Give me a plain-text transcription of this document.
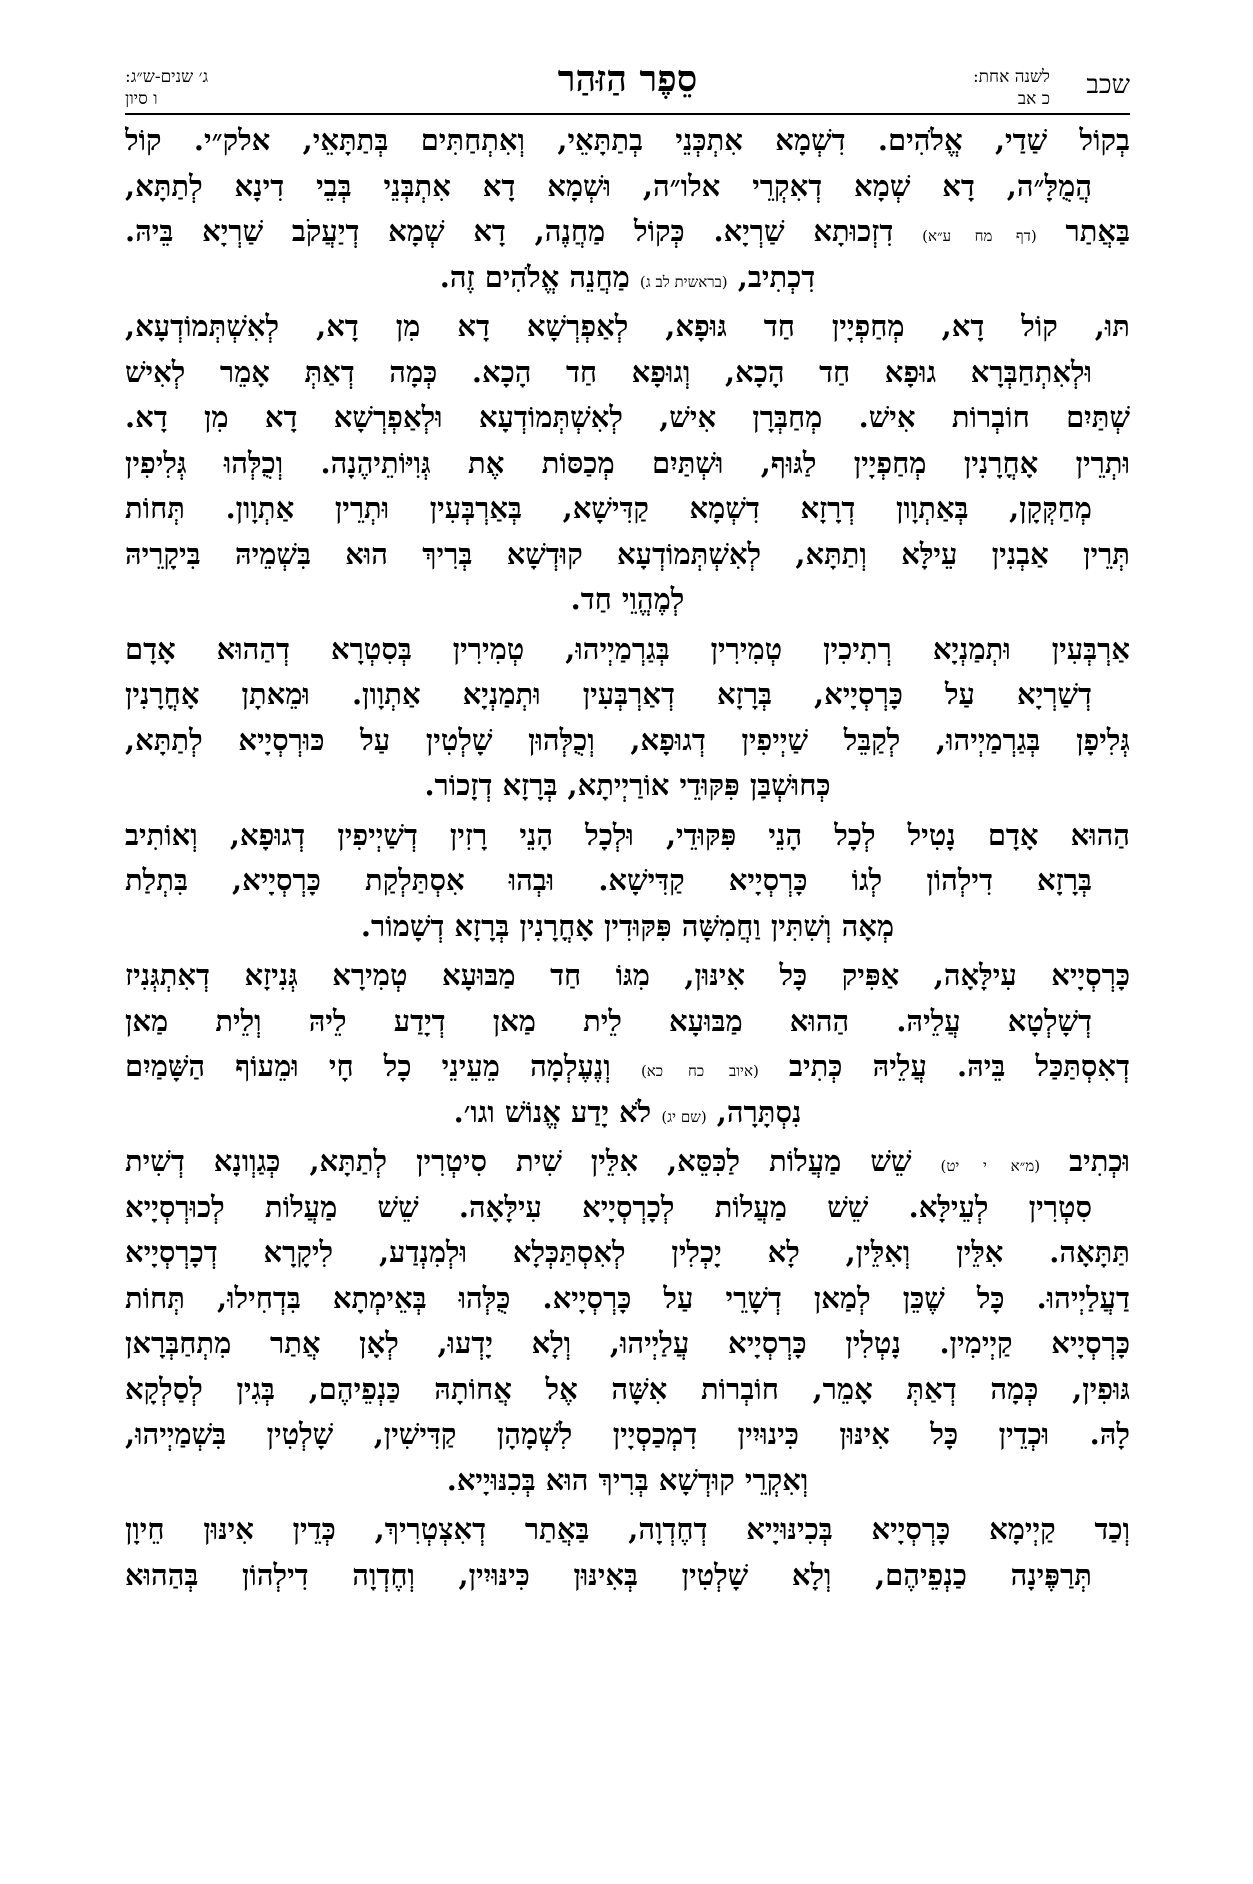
שכב
לשנה אחת:
כ אב
סֵפֶר הַזּהַר
ג׳ שנים-ש״ג:
ו סיון
בְקוֹל שַׁדַי, אֱלֹהִים. דִשְׁמָא אִתְכְּנֵי בְתַתָּאֵי, וְאִתְחַתִּים בְּתַתָּאֵי, אלק״י. קוֹל
הֲמֻלָּ״ה, דָא שְׁמָא דְאִקְרֵי אלו״ה, וּשְׁמָא דָא אִתְבְּנֵי בְּבֵי דִינָא לְתַתָּא,
בַּאֲתַר (דף מח ע״א) דִזְכוּתָא שַׁרְיָא. כְּקוֹל מַחֲנֶה, דָא שְׁמָא דְיַעֲקֹב שַׁרְיָא בֵּיהּ.
דִכְתִיב, (בראשית לב ג) מַחֲנֵה אֱלֹהִים זֶה.
תּוּ, קוֹל דָא, מְחַפְיָין חַד גּוּפָא, לְאַפְרְשָׁא דָא מִן דָא, לְאִשְׁתְּמוֹדְעָא,
וּלְאִתְחַבְּרָא גוּפָא חַד הָכָא, וְגוּפָא חַד הָכָא. כְּמָה דְאַתְּ אָמֵר לְאִישׁ
שְׁתַּיִם חוֹבְרוֹת אִישׁ. מְחַבְּרָן אִישׁ, לְאִשְׁתְּמוֹדְעָא וּלְאַפְרְשָׁא דָא מִן דָא.
וּתְרֵין אָחֳרָנִין מְחַפְיָין לַגּוּף, וּשְׁתַּיִם מְכַסּוֹת אֶת גְּוִיּוֹתֵיהֶנָה. וְכֻלְּהוּ גְּלִיפִין
מְחַקְּקָן, בְּאַתְוָון דְרָזָא דִשְׁמָא קַדִּישָׁא, בְּאַרְבְּעִין וּתְרֵין אַתְוָון. תְּחוֹת
תְּרֵין אַבְנִין עֵילָּא וְתַתָּא, לְאִשְׁתְּמוֹדְעָא קוּדְשָׁא בְּרִיךְ הוּא בִּשְׁמֵיהּ בִּיקָרֵיהּ
לְמֶהֱוֵי חַד.
אַרְבְּעִין וּתְמַנְיָא רְתִיכִין טְמִירִין בְּגַרְמַיְיהוּ, טְמִירִין בְּסִטְרָא דְהַהוּא אָדָם
דְשַׁרְיָא עַל כָּרְסְיָיא, בְּרָזָא דְאַרְבְּעִין וּתְמַנְיָא אַתְוָון. וּמֵאתָן אָחֳרָנִין
גְּלִיפָן בְּגַרְמַיְיהוּ, לְקַבֵּל שַׁיְיפִין דְגוּפָא, וְכֻלְּהוּן שָׁלְטִין עַל כּוּרְסְיָיא לְתַתָּא,
כְּחוּשְׁבַּן פִּקּוּדֵי אוֹרַיְיתָא, בְּרָזָא דְזָכוֹר.
הַהוּא אָדָם נָטִיל לְכָל הָנֵי פִּקּוּדֵי, וּלְכָל הָנֵי רָזִין דְשַׁיְיפִין דְגוּפָא, וְאוֹתִיב
בְּרָזָא דִילְהוֹן לְגוֹ כָּרְסְיָיא קַדִּישָׁא. וּבְהוּ אִסְתַּלְקַת כָּרְסְיָיא, בִּתְלַת
מְאָה וְשִׁתִּין וַחֲמִשָּׁה פִּקּוּדִין אָחֳרָנִין בְּרָזָא דְשָׁמוֹר.
כָּרְסְיָיא עִילָּאָה, אַפִּיק כָּל אִינּוּן, מִגּוֹ חַד מַבּוּעָא טְמִירָא גְּנִיזָא דְאִתְגְּנִיז
דְשָׁלְטָא עֲלֵיהּ. הַהוּא מַבּוּעָא לֵית מַאן דְיָדַע לֵיהּ וְלֵית מַאן
דְאִסְתַּכַּל בֵּיהּ. עֲלֵיהּ כְּתִיב (איוב כח כא) וְנֶעֶלְמָה מֵעֵינֵי כָל חָי וּמֵעוֹף הַשָּׁמַיִם
נִסְתָּרָה, (שם יג) לֹא יָדַע אֱנוֹשׁ וגו׳.
וּכְתִיב (מ״א י יט) שֵׁשׁ מַעֲלוֹת לַכִּסֵּא, אִלֵּין שִׁית סִיטְרִין לְתַתָּא, כְּגַוְונָא דְשִׁית
סִטְרִין לְעֵילָּא. שֵׁשׁ מַעֲלוֹת לְכָרְסְיָיא עִילָּאָה. שֵׁשׁ מַעֲלוֹת לְכוּרְסְיָיא
תַּתָּאָה. אִלֵּין וְאִלֵּין, לָא יָכְלִין לְאִסְתַּכְּלָא וּלְמִנְדַע, לִיקָרָא דְכָרְסְיָיא
דַעֲלַיְיהוּ. כָּל שֶׁכֵּן לְמַאן דְשָׁרֵי עַל כָּרְסְיָיא. כֻּלְּהוּ בְּאֵימְתָא בִּדְחִילוּ, תְּחוֹת
כָּרְסְיָיא קַיְימִין. נָטְלִין כָּרְסְיָיא עֲלַיְיהוּ, וְלָא יָדְעוּ, לְאָן אֲתַר מִתְחַבְּרָאן
גּוּפִין, כְּמָה דְאַתְּ אָמֵר, חוֹבְרוֹת אִשָּׁה אֶל אֲחוֹתָהּ כַּנְפֵיהֶם, בְּגִין לְסַלְקָא
לָהּ. וּכְדֵין כָּל אִינּוּן כִּינוּיִין דִמְכַסְיָין לִשְׁמָהָן קַדִּישִׁין, שָׁלְטִין בִּשְׁמַיְיהוּ,
וְאִקְרֵי קוּדְשָׁא בְּרִיךְ הוּא בְּכִנּוּיָיא.
וְכַד קַיְימָא כָּרְסְיָיא בְּכִינּוּיָיא דְחֶדְוָה, בַּאֲתַר דְאִצְטְרִיךְ, כְּדֵין אִינּוּן חֵיוָן
תְּרַפֶּינָה כַנְפֵיהֶם, וְלָא שָׁלְטִין בְּאִינּוּן כִּינּוּיִין, וְחֶדְוָה דִילְהוֹן בְּהַהוּא
